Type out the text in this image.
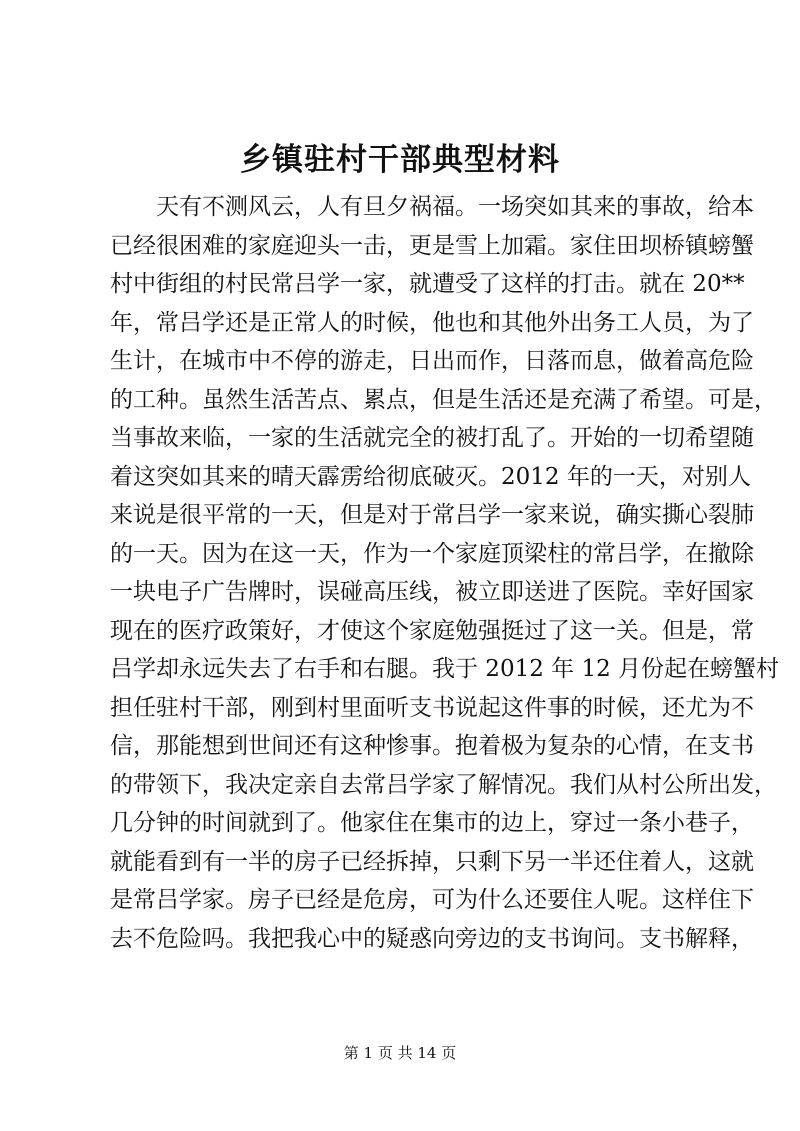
乡镇驻村干部典型材料
天有不测风云，人有旦夕祸福。一场突如其来的事故，给本
已经很困难的家庭迎头一击，更是雪上加霜。家住田坝桥镇螃蟹
村中街组的村民常吕学一家，就遭受了这样的打击。就在 20**
年，常吕学还是正常人的时候，他也和其他外出务工人员，为了
生计，在城市中不停的游走，日出而作，日落而息，做着高危险
的工种。虽然生活苦点、累点，但是生活还是充满了希望。可是，
当事故来临，一家的生活就完全的被打乱了。开始的一切希望随
着这突如其来的晴天霹雳给彻底破灭。2012 年的一天，对别人
来说是很平常的一天，但是对于常吕学一家来说，确实撕心裂肺
的一天。因为在这一天，作为一个家庭顶梁柱的常吕学，在撤除
一块电子广告牌时，误碰高压线，被立即送进了医院。幸好国家
现在的医疗政策好，才使这个家庭勉强挺过了这一关。但是，常
吕学却永远失去了右手和右腿。我于 2012 年 12 月份起在螃蟹村
担任驻村干部，刚到村里面听支书说起这件事的时候，还尤为不
信，那能想到世间还有这种惨事。抱着极为复杂的心情，在支书
的带领下，我决定亲自去常吕学家了解情况。我们从村公所出发，
几分钟的时间就到了。他家住在集市的边上，穿过一条小巷子，
就能看到有一半的房子已经拆掉，只剩下另一半还住着人，这就
是常吕学家。房子已经是危房，可为什么还要住人呢。这样住下
去不危险吗。我把我心中的疑惑向旁边的支书询问。支书解释，
第 1 页 共 14 页
